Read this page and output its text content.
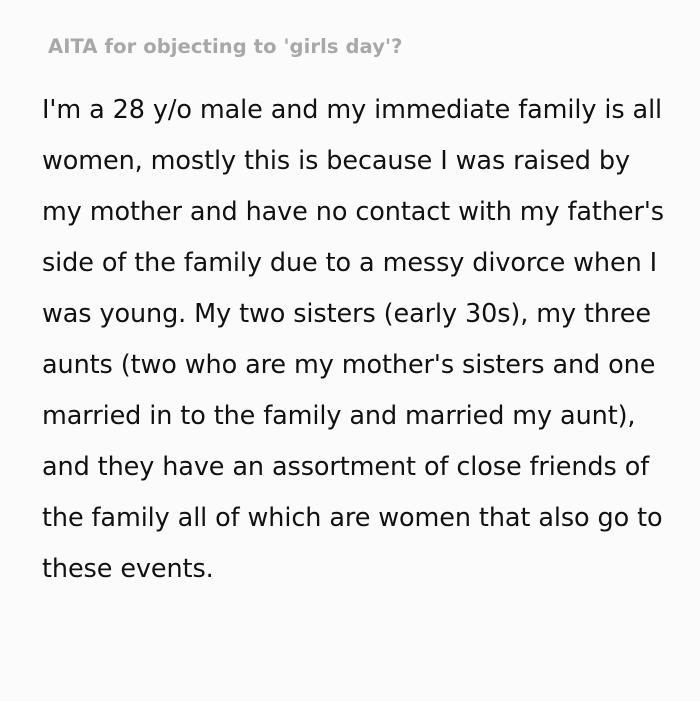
AITA for objecting to 'girls day'?

I'm a 28 y/o male and my immediate family is all women, mostly this is because I was raised by my mother and have no contact with my father's side of the family due to a messy divorce when I was young. My two sisters (early 30s), my three aunts (two who are my mother's sisters and one married in to the family and married my aunt), and they have an assortment of close friends of the family all of which are women that also go to these events.
